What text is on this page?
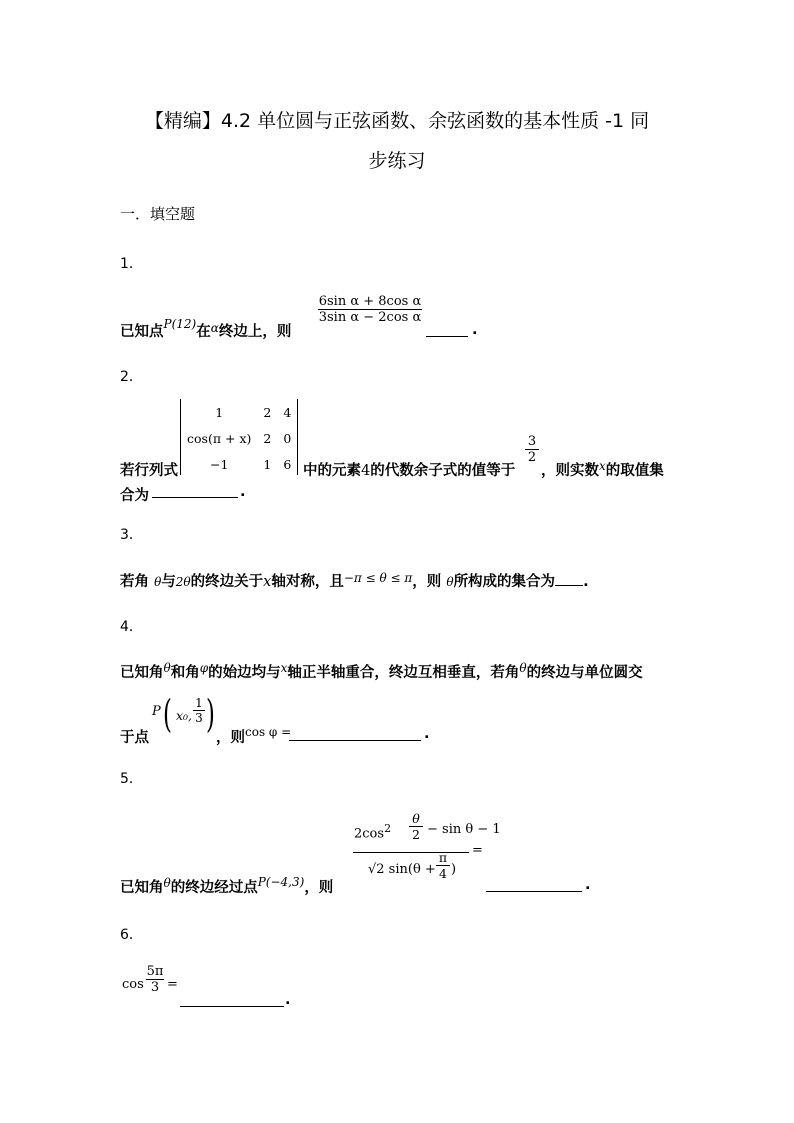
【精编】4.2 单位圆与正弦函数、余弦函数的基本性质 -1 同
步练习
一．填空题
1．
已知点$^{P(12)}$在$^\alpha$终边上，则
$\frac{\text{6sin α + 8cos α}}{\text{3sin α − 2cos α}}$
.
2．
1	2	4
cos(π + x)	2	0
−1	1	6
若行列式	中的元素4的代数余子式的值等于
$\frac{3}{2}$
，则实数$^x$的取值集
合为	.
3．
若角 θ与2θ的终边关于x轴对称，且$^{-\pi \le \theta \le \pi}$，则 θ所构成的集合为 .
4．
已知角$^\theta$和角$^\varphi$的始边均与$^x$轴正半轴重合，终边互相垂直，若角$^\theta$的终边与单位圆交
于点
P ( x₀, $\frac{1}{3}$ )
，则$^{cos \varphi =}$	.
5．
已知角$^\theta$的终边经过点$^{P(-4,3)}$，则
$2\cos^2 \frac{\theta}{2} - \sin \theta - 1$
√2 $\sin(\theta + \frac{\pi}{4}$ )
=
.
6．
$\cos \frac{5\pi}{3}$ =
.
